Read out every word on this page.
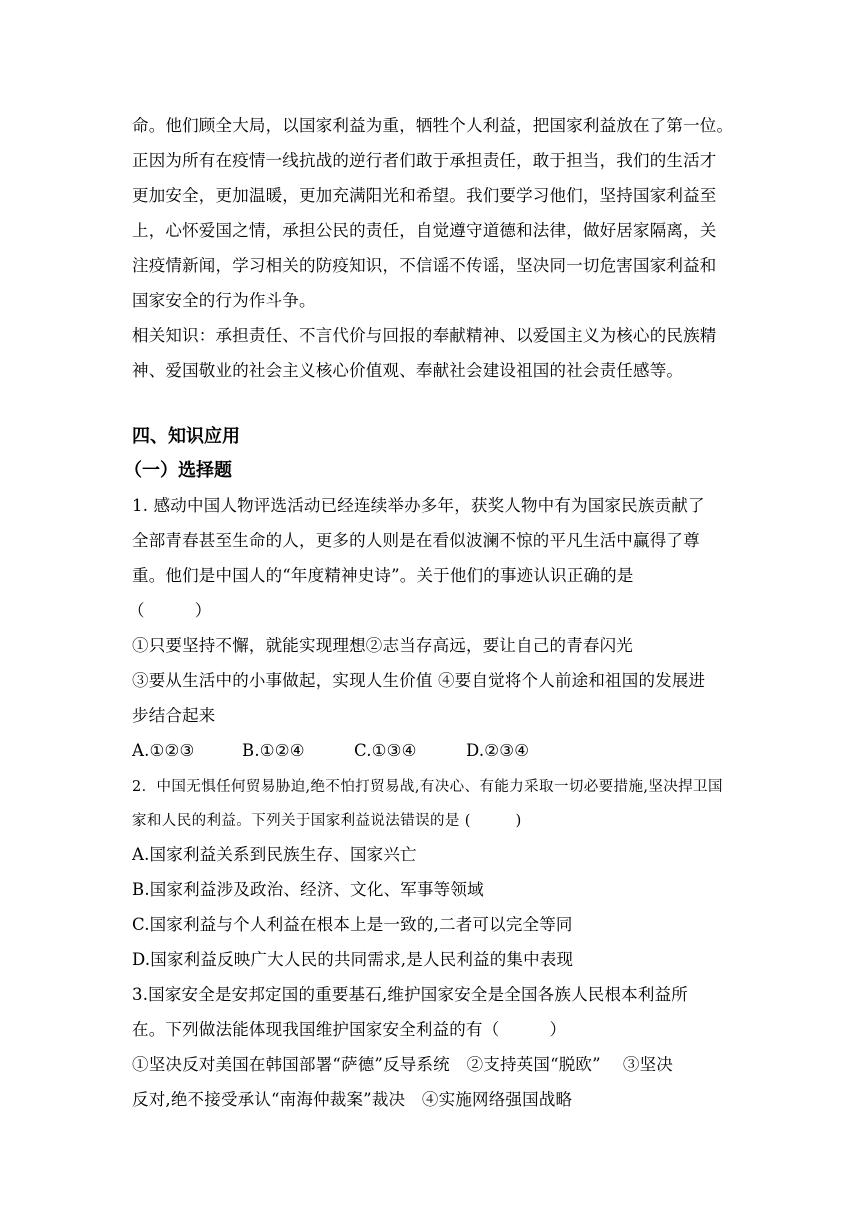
命。他们顾全大局，以国家利益为重，牺牲个人利益，把国家利益放在了第一位。
正因为所有在疫情一线抗战的逆行者们敢于承担责任，敢于担当，我们的生活才
更加安全，更加温暖，更加充满阳光和希望。我们要学习他们，坚持国家利益至
上，心怀爱国之情，承担公民的责任，自觉遵守道德和法律，做好居家隔离，关
注疫情新闻，学习相关的防疫知识，不信谣不传谣，坚决同一切危害国家利益和
国家安全的行为作斗争。
相关知识：承担责任、不言代价与回报的奉献精神、以爱国主义为核心的民族精
神、爱国敬业的社会主义核心价值观、奉献社会建设祖国的社会责任感等。
四、知识应用
（一）选择题
1. 感动中国人物评选活动已经连续举办多年，获奖人物中有为国家民族贡献了
全部青春甚至生命的人，更多的人则是在看似波澜不惊的平凡生活中赢得了尊
重。他们是中国人的“年度精神史诗”。关于他们的事迹认识正确的是
（　　　）
①只要坚持不懈，就能实现理想②志当存高远，要让自己的青春闪光
③要从生活中的小事做起，实现人生价值 ④要自觉将个人前途和祖国的发展进
步结合起来
A.①②③	B.①②④	C.①③④	D.②③④
2．中国无惧任何贸易胁迫,绝不怕打贸易战,有决心、有能力采取一切必要措施,坚决捍卫国
家和人民的利益。下列关于国家利益说法错误的是 (　　　)
A.国家利益关系到民族生存、国家兴亡
B.国家利益涉及政治、经济、文化、军事等领域
C.国家利益与个人利益在根本上是一致的,二者可以完全等同
D.国家利益反映广大人民的共同需求,是人民利益的集中表现
3.国家安全是安邦定国的重要基石,维护国家安全是全国各族人民根本利益所
在。下列做法能体现我国维护国家安全利益的有（　　　）
①坚决反对美国在韩国部署“萨德”反导系统　②支持英国“脱欧”　 ③坚决
反对,绝不接受承认“南海仲裁案”裁决　④实施网络强国战略
